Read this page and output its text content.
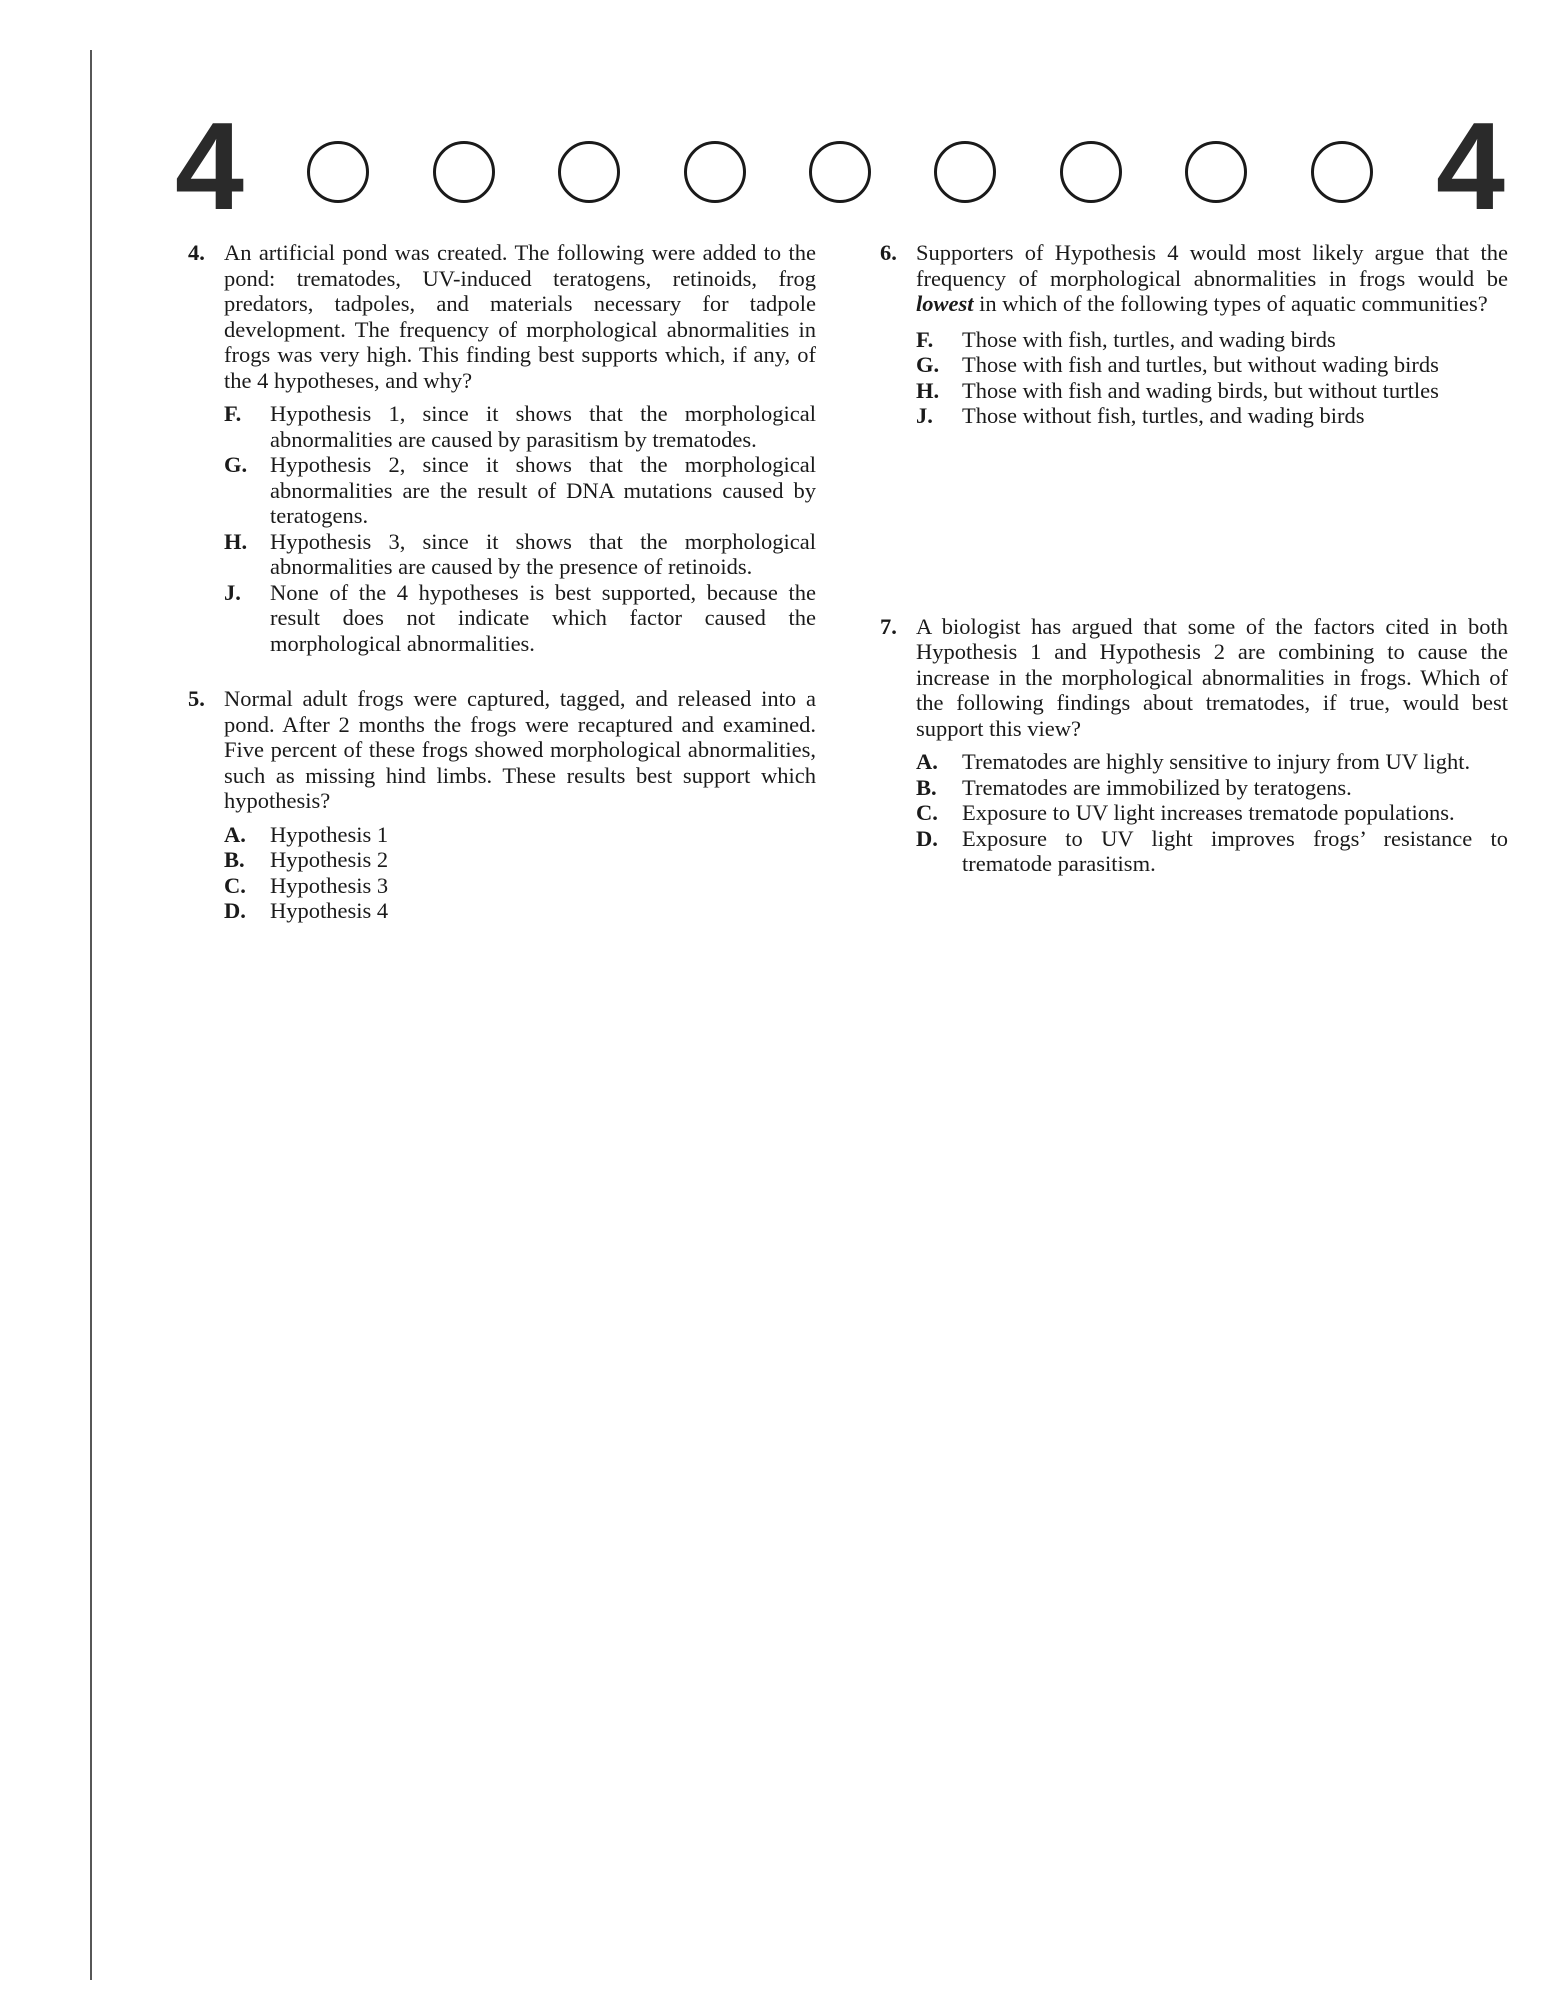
4	4
4. An artificial pond was created. The following were added to the pond: trematodes, UV-induced teratogens, retinoids, frog predators, tadpoles, and materials necessary for tadpole development. The frequency of morphological abnormalities in frogs was very high. This finding best supports which, if any, of the 4 hypotheses, and why?

F.	Hypothesis 1, since it shows that the morphological abnormalities are caused by parasitism by trematodes.
G.	Hypothesis 2, since it shows that the morphological abnormalities are the result of DNA mutations caused by teratogens.
H.	Hypothesis 3, since it shows that the morphological abnormalities are caused by the presence of retinoids.
J.	None of the 4 hypotheses is best supported, because the result does not indicate which factor caused the morphological abnormalities.
5. Normal adult frogs were captured, tagged, and released into a pond. After 2 months the frogs were recaptured and examined. Five percent of these frogs showed morphological abnormalities, such as missing hind limbs. These results best support which hypothesis?

A.	Hypothesis 1
B.	Hypothesis 2
C.	Hypothesis 3
D.	Hypothesis 4
6. Supporters of Hypothesis 4 would most likely argue that the frequency of morphological abnormalities in frogs would be lowest in which of the following types of aquatic communities?

F.	Those with fish, turtles, and wading birds
G.	Those with fish and turtles, but without wading birds
H.	Those with fish and wading birds, but without turtles
J.	Those without fish, turtles, and wading birds
7. A biologist has argued that some of the factors cited in both Hypothesis 1 and Hypothesis 2 are combining to cause the increase in the morphological abnormalities in frogs. Which of the following findings about trematodes, if true, would best support this view?

A.	Trematodes are highly sensitive to injury from UV light.
B.	Trematodes are immobilized by teratogens.
C.	Exposure to UV light increases trematode populations.
D.	Exposure to UV light improves frogs’ resistance to trematode parasitism.
